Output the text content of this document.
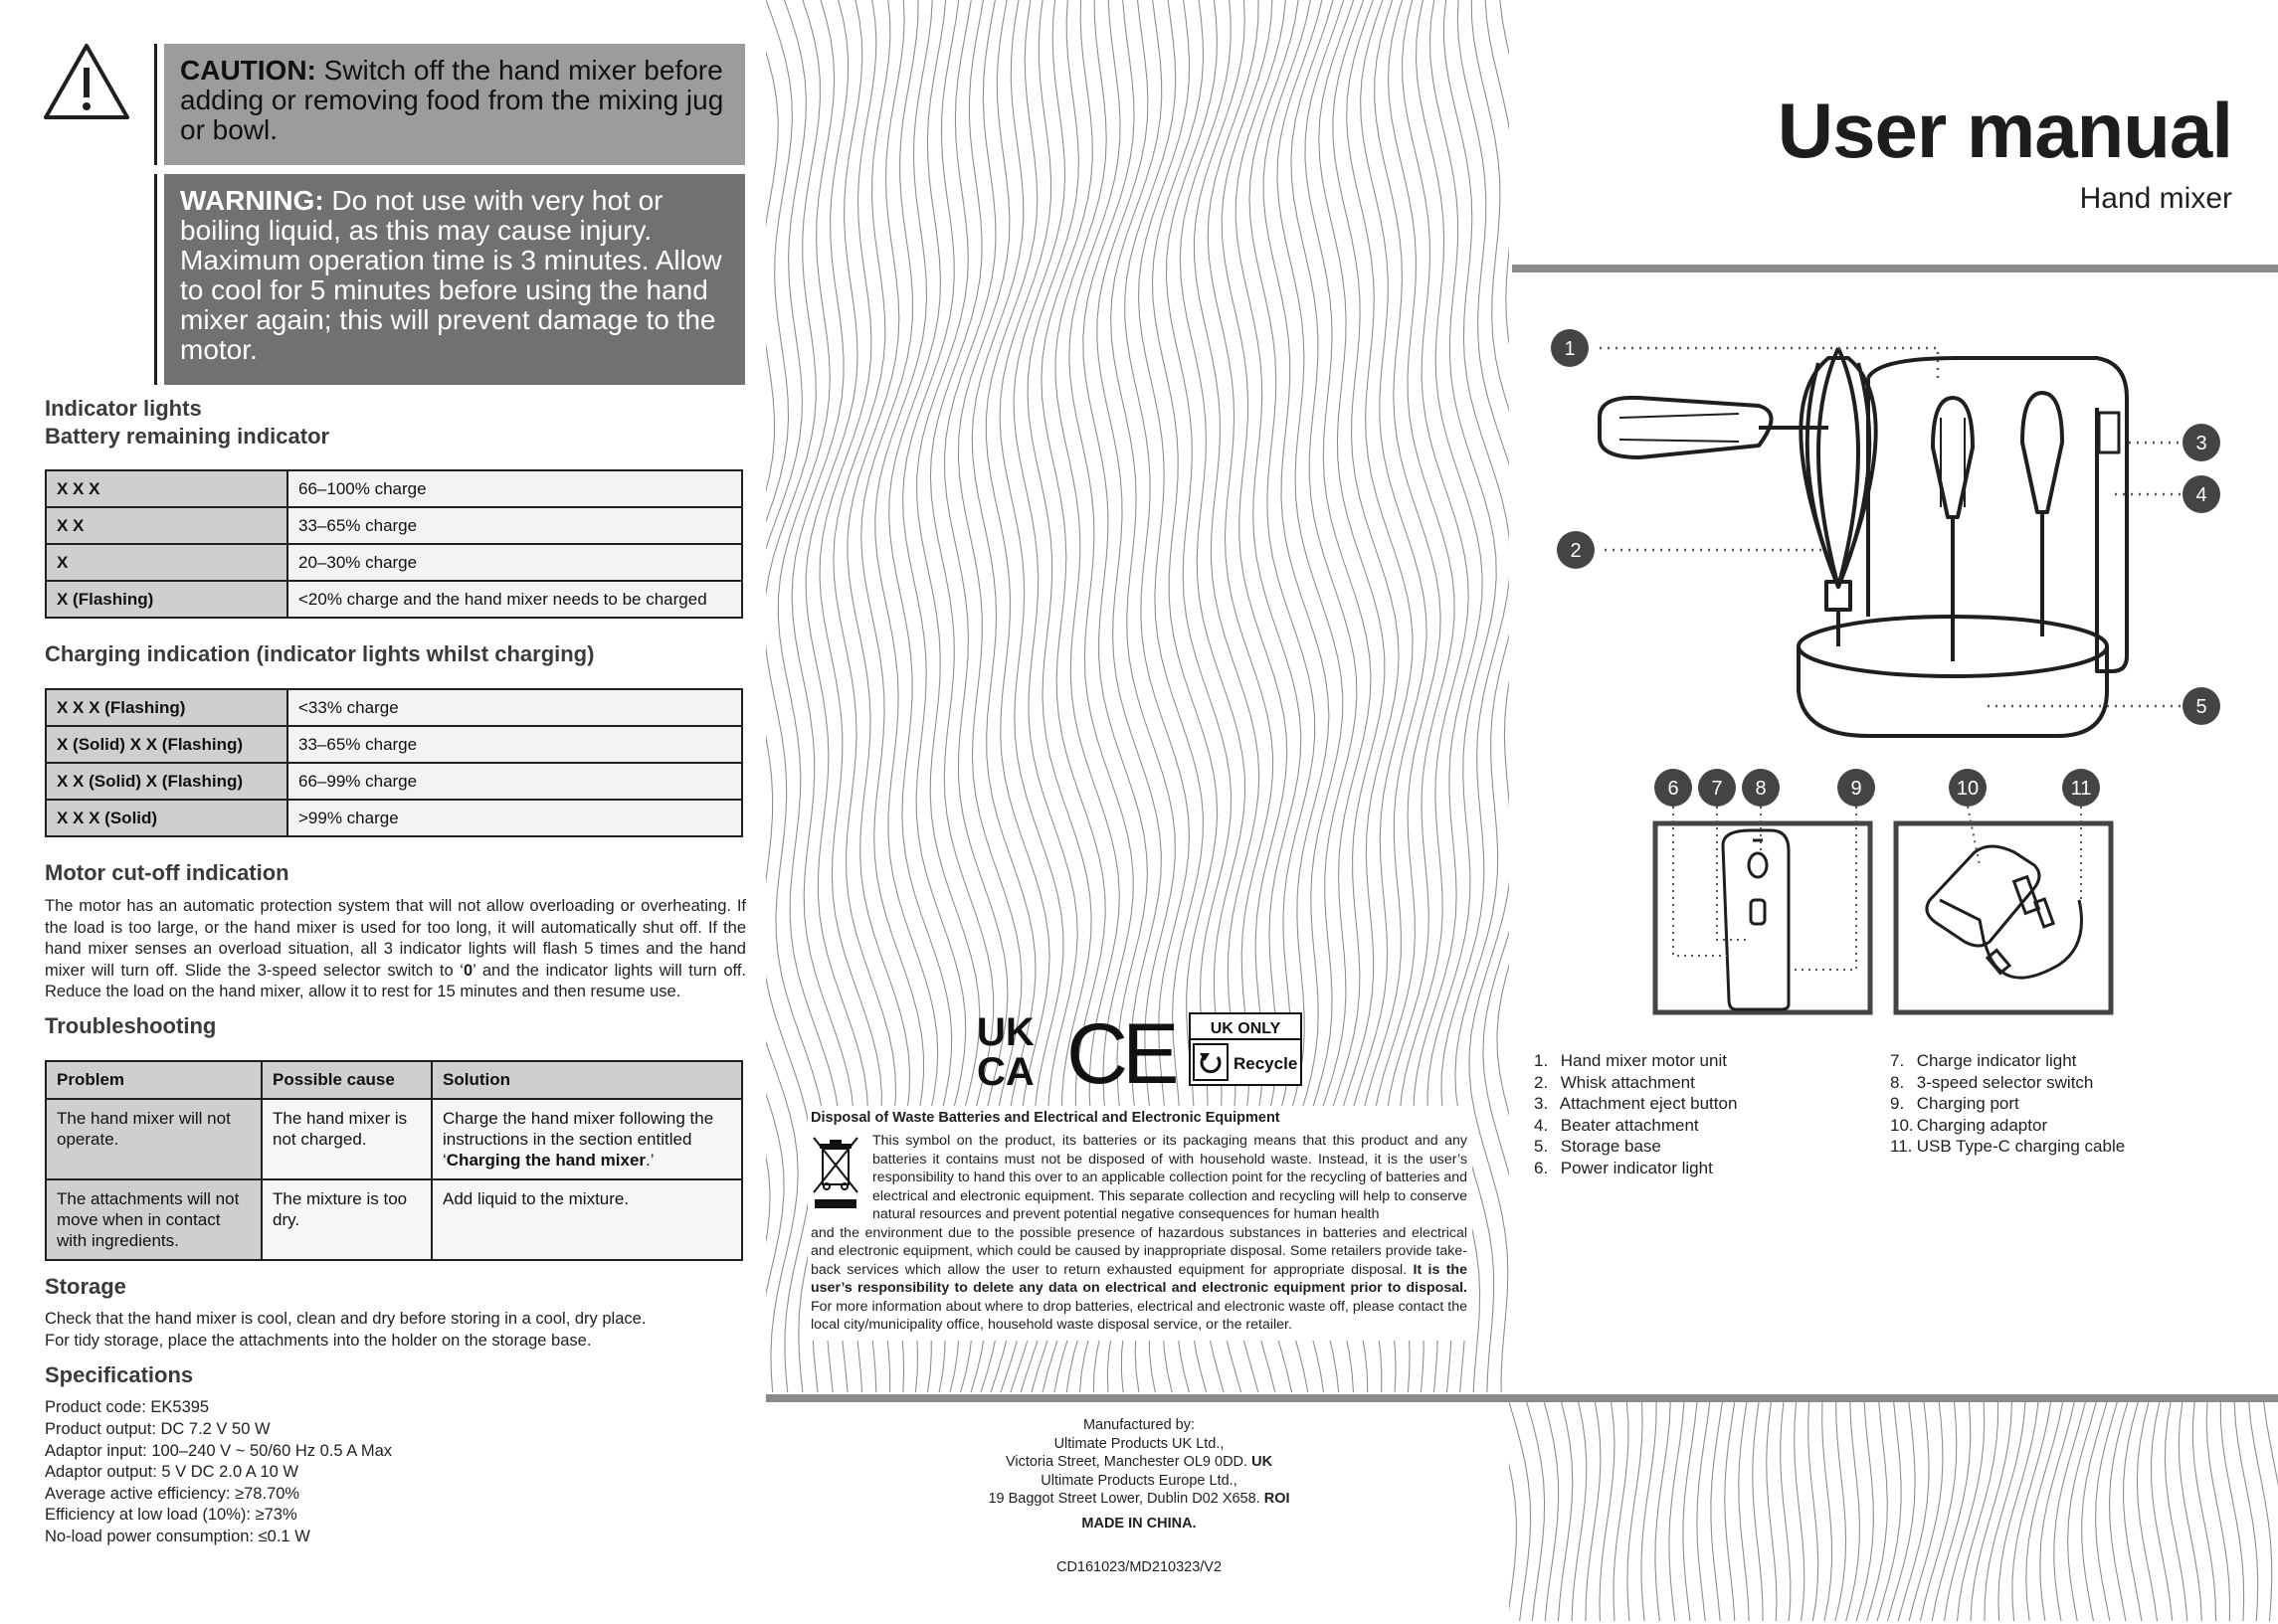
CAUTION: Switch off the hand mixer before adding or removing food from the mixing jug or bowl.
WARNING: Do not use with very hot or boiling liquid, as this may cause injury. Maximum operation time is 3 minutes. Allow to cool for 5 minutes before using the hand mixer again; this will prevent damage to the motor.
Indicator lights
Battery remaining indicator
X X X	66–100% charge
X X	33–65% charge
X	20–30% charge
X (Flashing)	<20% charge and the hand mixer needs to be charged
Charging indication (indicator lights whilst charging)
X X X (Flashing)	<33% charge
X (Solid) X X (Flashing)	33–65% charge
X X (Solid) X (Flashing)	66–99% charge
X X X (Solid)	>99% charge
Motor cut-off indication
The motor has an automatic protection system that will not allow overloading or overheating. If the load is too large, or the hand mixer is used for too long, it will automatically shut off. If the hand mixer senses an overload situation, all 3 indicator lights will flash 5 times and the hand mixer will turn off. Slide the 3-speed selector switch to ‘0’ and the indicator lights will turn off. Reduce the load on the hand mixer, allow it to rest for 15 minutes and then resume use.
Troubleshooting
Problem	Possible cause	Solution
The hand mixer will not operate.	The hand mixer is not charged.	Charge the hand mixer following the instructions in the section entitled ‘Charging the hand mixer.’
The attachments will not move when in contact with ingredients.	The mixture is too dry.	Add liquid to the mixture.
Storage
Check that the hand mixer is cool, clean and dry before storing in a cool, dry place.
For tidy storage, place the attachments into the holder on the storage base.
Specifications
Product code: EK5395
Product output: DC 7.2 V 50 W
Adaptor input: 100–240 V ~ 50/60 Hz 0.5 A Max
Adaptor output: 5 V DC 2.0 A 10 W
Average active efficiency: ≥78.70%
Efficiency at low load (10%): ≥73%
No-load power consumption: ≤0.1 W
UK
CA CE UK ONLY
Recycle
Disposal of Waste Batteries and Electrical and Electronic Equipment
This symbol on the product, its batteries or its packaging means that this product and any batteries it contains must not be disposed of with household waste. Instead, it is the user’s responsibility to hand this over to an applicable collection point for the recycling of batteries and electrical and electronic equipment. This separate collection and recycling will help to conserve natural resources and prevent potential negative consequences for human health
and the environment due to the possible presence of hazardous substances in batteries and electrical and electronic equipment, which could be caused by inappropriate disposal. Some retailers provide take-back services which allow the user to return exhausted equipment for appropriate disposal. It is the user’s responsibility to delete any data on electrical and electronic equipment prior to disposal. For more information about where to drop batteries, electrical and electronic waste off, please contact the local city/municipality office, household waste disposal service, or the retailer.
Manufactured by:
Ultimate Products UK Ltd.,
Victoria Street, Manchester OL9 0DD. UK
Ultimate Products Europe Ltd.,
19 Baggot Street Lower, Dublin D02 X658. ROI
MADE IN CHINA.
CD161023/MD210323/V2
User manual
Hand mixer
1
2
3
4
5
6 7 8	9	10	11
1. Hand mixer motor unit
2. Whisk attachment
3. Attachment eject button
4. Beater attachment
5. Storage base
6. Power indicator light
7. Charge indicator light
8. 3-speed selector switch
9. Charging port
10. Charging adaptor
11. USB Type-C charging cable
